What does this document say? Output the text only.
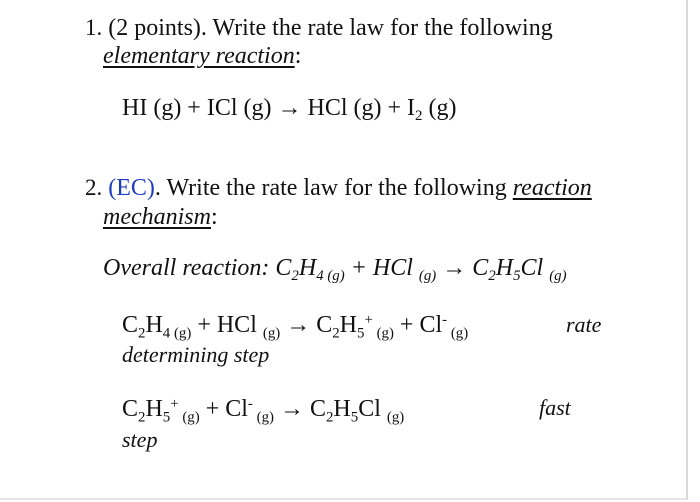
1. (2 points). Write the rate law for the following
elementary reaction:
HI (g) + ICl (g) → HCl $(g) + I_2$ (g)
2. (EC). Write the rate law for the following reaction
mechanism:
Overall reaction: $C_2H_4$ $_{(g)}$ + HCl $_{(g)} \to C_2H_5Cl$ $_{(g)}$
$C_2H_4$ $_{(g)}$ + HCl $_{(g)} \to C_2H_5^+$ $_{(g)}$ + Cl- $_{(g)}$	rate
determining step
$C_2H_5^+$ $_{(g)}$ + Cl- $_{(g)} \to C_2H_5Cl$ $_{(g)}$	fast
step
